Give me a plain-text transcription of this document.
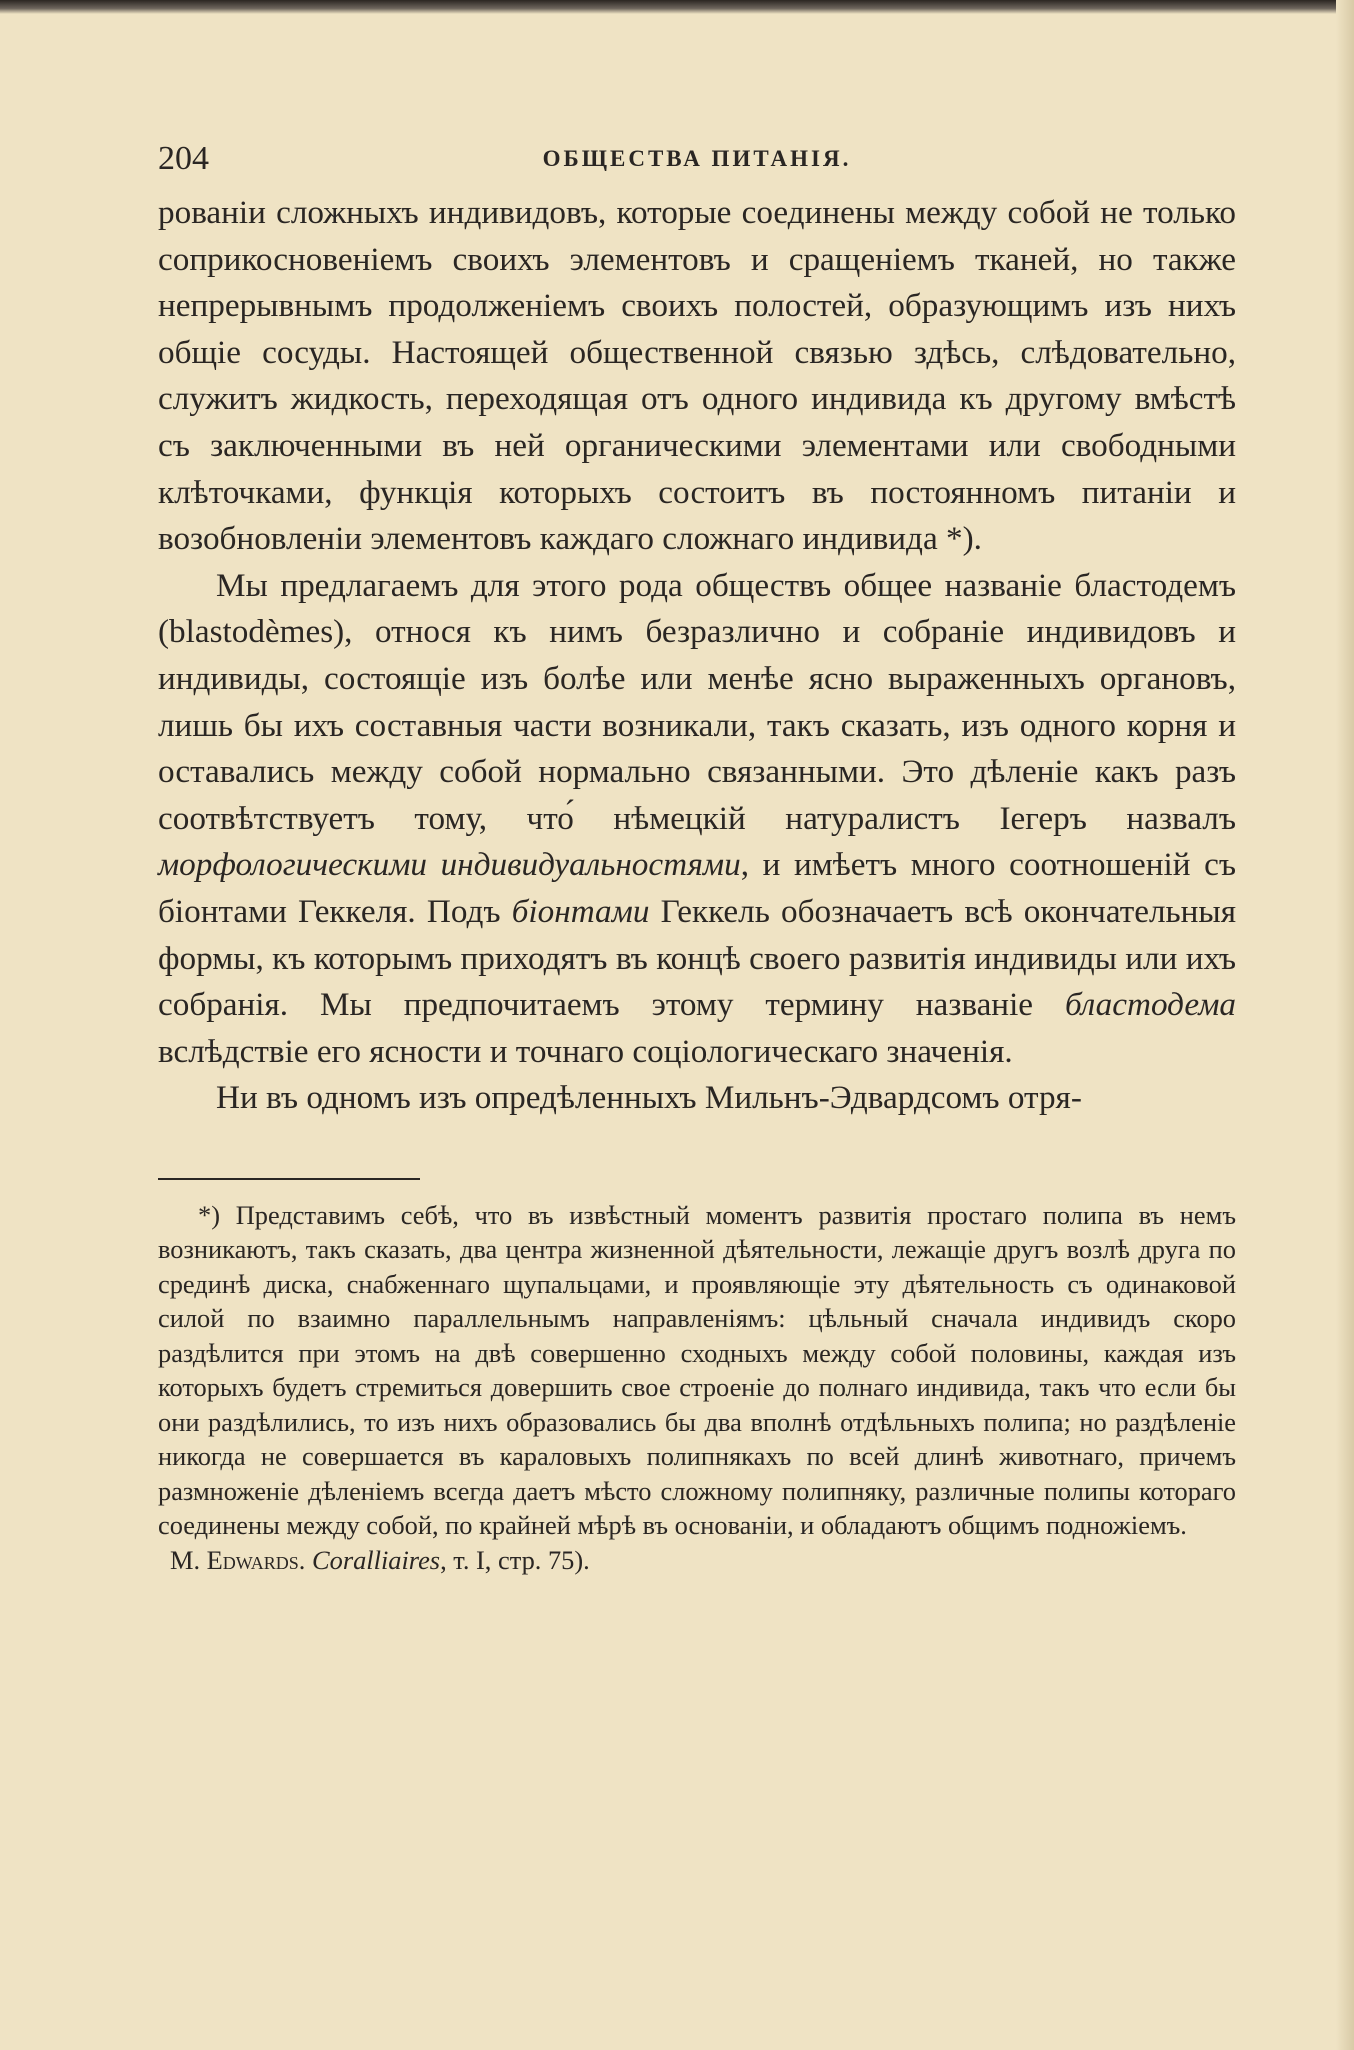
204	ОБЩЕСТВА ПИТАНІЯ.

рованіи сложныхъ индивидовъ, которые соединены между собой не только соприкосновеніемъ своихъ элементовъ и сращеніемъ тканей, но также непрерывнымъ продолженіемъ своихъ полостей, образующимъ изъ нихъ общіе сосуды. Настоящей общественной связью здѣсь, слѣдовательно, служитъ жидкость, переходящая отъ одного индивида къ другому вмѣстѣ съ заключенными въ ней органическими элементами или свободными клѣточками, функція которыхъ состоитъ въ постоянномъ питаніи и возобновленіи элементовъ каждаго сложнаго индивида *).

Мы предлагаемъ для этого рода обществъ общее названіе бластодемъ (blastodèmes), относя къ нимъ безразлично и собраніе индивидовъ и индивиды, состоящіе изъ болѣе или менѣе ясно выраженныхъ органовъ, лишь бы ихъ составныя части возникали, такъ сказать, изъ одного корня и оставались между собой нормально связанными. Это дѣленіе какъ разъ соотвѣтствуетъ тому, что́ нѣмецкій натуралистъ Іегеръ назвалъ морфологическими индивидуальностями, и имѣетъ много соотношеній съ біонтами Геккеля. Подъ біонтами Геккель обозначаетъ всѣ окончательныя формы, къ которымъ приходятъ въ концѣ своего развитія индивиды или ихъ собранія. Мы предпочитаемъ этому термину названіе бластодема вслѣдствіе его ясности и точнаго соціологическаго значенія.

Ни въ одномъ изъ опредѣленныхъ Мильнъ-Эдвардсомъ отря-

*) Представимъ себѣ, что въ извѣстный моментъ развитія простаго полипа въ немъ возникаютъ, такъ сказать, два центра жизненной дѣятельности, лежащіе другъ возлѣ друга по срединѣ диска, снабженнаго щупальцами, и проявляющіе эту дѣятельность съ одинаковой силой по взаимно параллельнымъ направленіямъ: цѣльный сначала индивидъ скоро раздѣлится при этомъ на двѣ совершенно сходныхъ между собой половины, каждая изъ которыхъ будетъ стремиться довершить свое строеніе до полнаго индивида, такъ что если бы они раздѣлились, то изъ нихъ образовались бы два вполнѣ отдѣльныхъ полипа; но раздѣленіе никогда не совершается въ караловыхъ полипнякахъ по всей длинѣ животнаго, причемъ размноженіе дѣленіемъ всегда даетъ мѣсто сложному полипняку, различные полипы котораго соединены между собой, по крайней мѣрѣ въ основаніи, и обладаютъ общимъ подножіемъ.
M. Edwards. Coralliaires, т. I, стр. 75).
